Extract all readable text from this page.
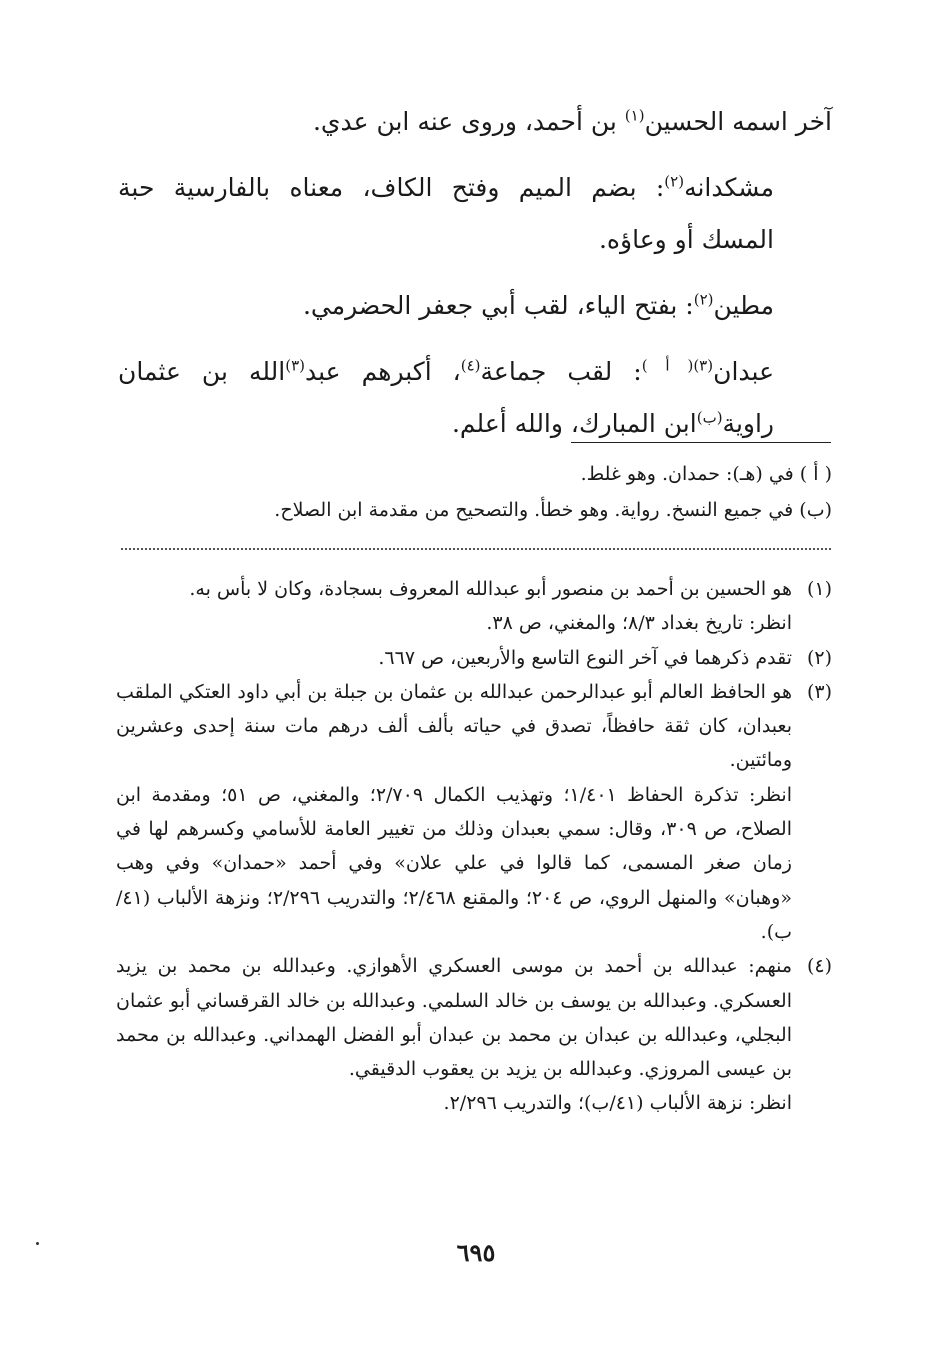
آخر اسمه الحسين$^{(١)}$ بن أحمد، وروى عنه ابن عدي.

مشكدانه$^{(٢)}$: بضم الميم وفتح الكاف، معناه بالفارسية حبة المسك أو وعاؤه.

مطين$^{(٢)}$: بفتح الياء، لقب أبي جعفر الحضرمي.

عبدان$^{(٣)( أ )}$: لقب جماعة$^{(٤)}$، أكبرهم عبد$^{(٣)}$الله بن عثمان راوية$^{(ب)}$ابن المبارك، والله أعلم.

( أ ) في (هـ): حمدان. وهو غلط.

(ب) في جميع النسخ. رواية. وهو خطأ. والتصحيح من مقدمة ابن الصلاح.

(١)

هو الحسين بن أحمد بن منصور أبو عبدالله المعروف بسجادة، وكان لا بأس به.

انظر: تاريخ بغداد ٨/٣؛ والمغني، ص ٣٨.

(٢)

تقدم ذكرهما في آخر النوع التاسع والأربعين، ص ٦٦٧.

(٣)

هو الحافظ العالم أبو عبدالرحمن عبدالله بن عثمان بن جبلة بن أبي داود العتكي الملقب بعبدان، كان ثقة حافظاً، تصدق في حياته بألف ألف درهم مات سنة إحدى وعشرين ومائتين.

انظر: تذكرة الحفاظ ١/٤٠١؛ وتهذيب الكمال ٢/٧٠٩؛ والمغني، ص ٥١؛ ومقدمة ابن الصلاح، ص ٣٠٩، وقال: سمي بعبدان وذلك من تغيير العامة للأسامي وكسرهم لها في زمان صغر المسمى، كما قالوا في علي علان» وفي أحمد «حمدان» وفي وهب «وهبان» والمنهل الروي، ص ٢٠٤؛ والمقنع ٢/٤٦٨؛ والتدريب ٢/٢٩٦؛ ونزهة الألباب (٤١/ب).

(٤)

منهم: عبدالله بن أحمد بن موسى العسكري الأهوازي. وعبدالله بن محمد بن يزيد العسكري. وعبدالله بن يوسف بن خالد السلمي. وعبدالله بن خالد القرقساني أبو عثمان البجلي، وعبدالله بن عبدان بن محمد بن عبدان أبو الفضل الهمداني. وعبدالله بن محمد بن عيسى المروزي. وعبدالله بن يزيد بن يعقوب الدقيقي.

انظر: نزهة الألباب (٤١/ب)؛ والتدريب ٢/٢٩٦.

٦٩٥
